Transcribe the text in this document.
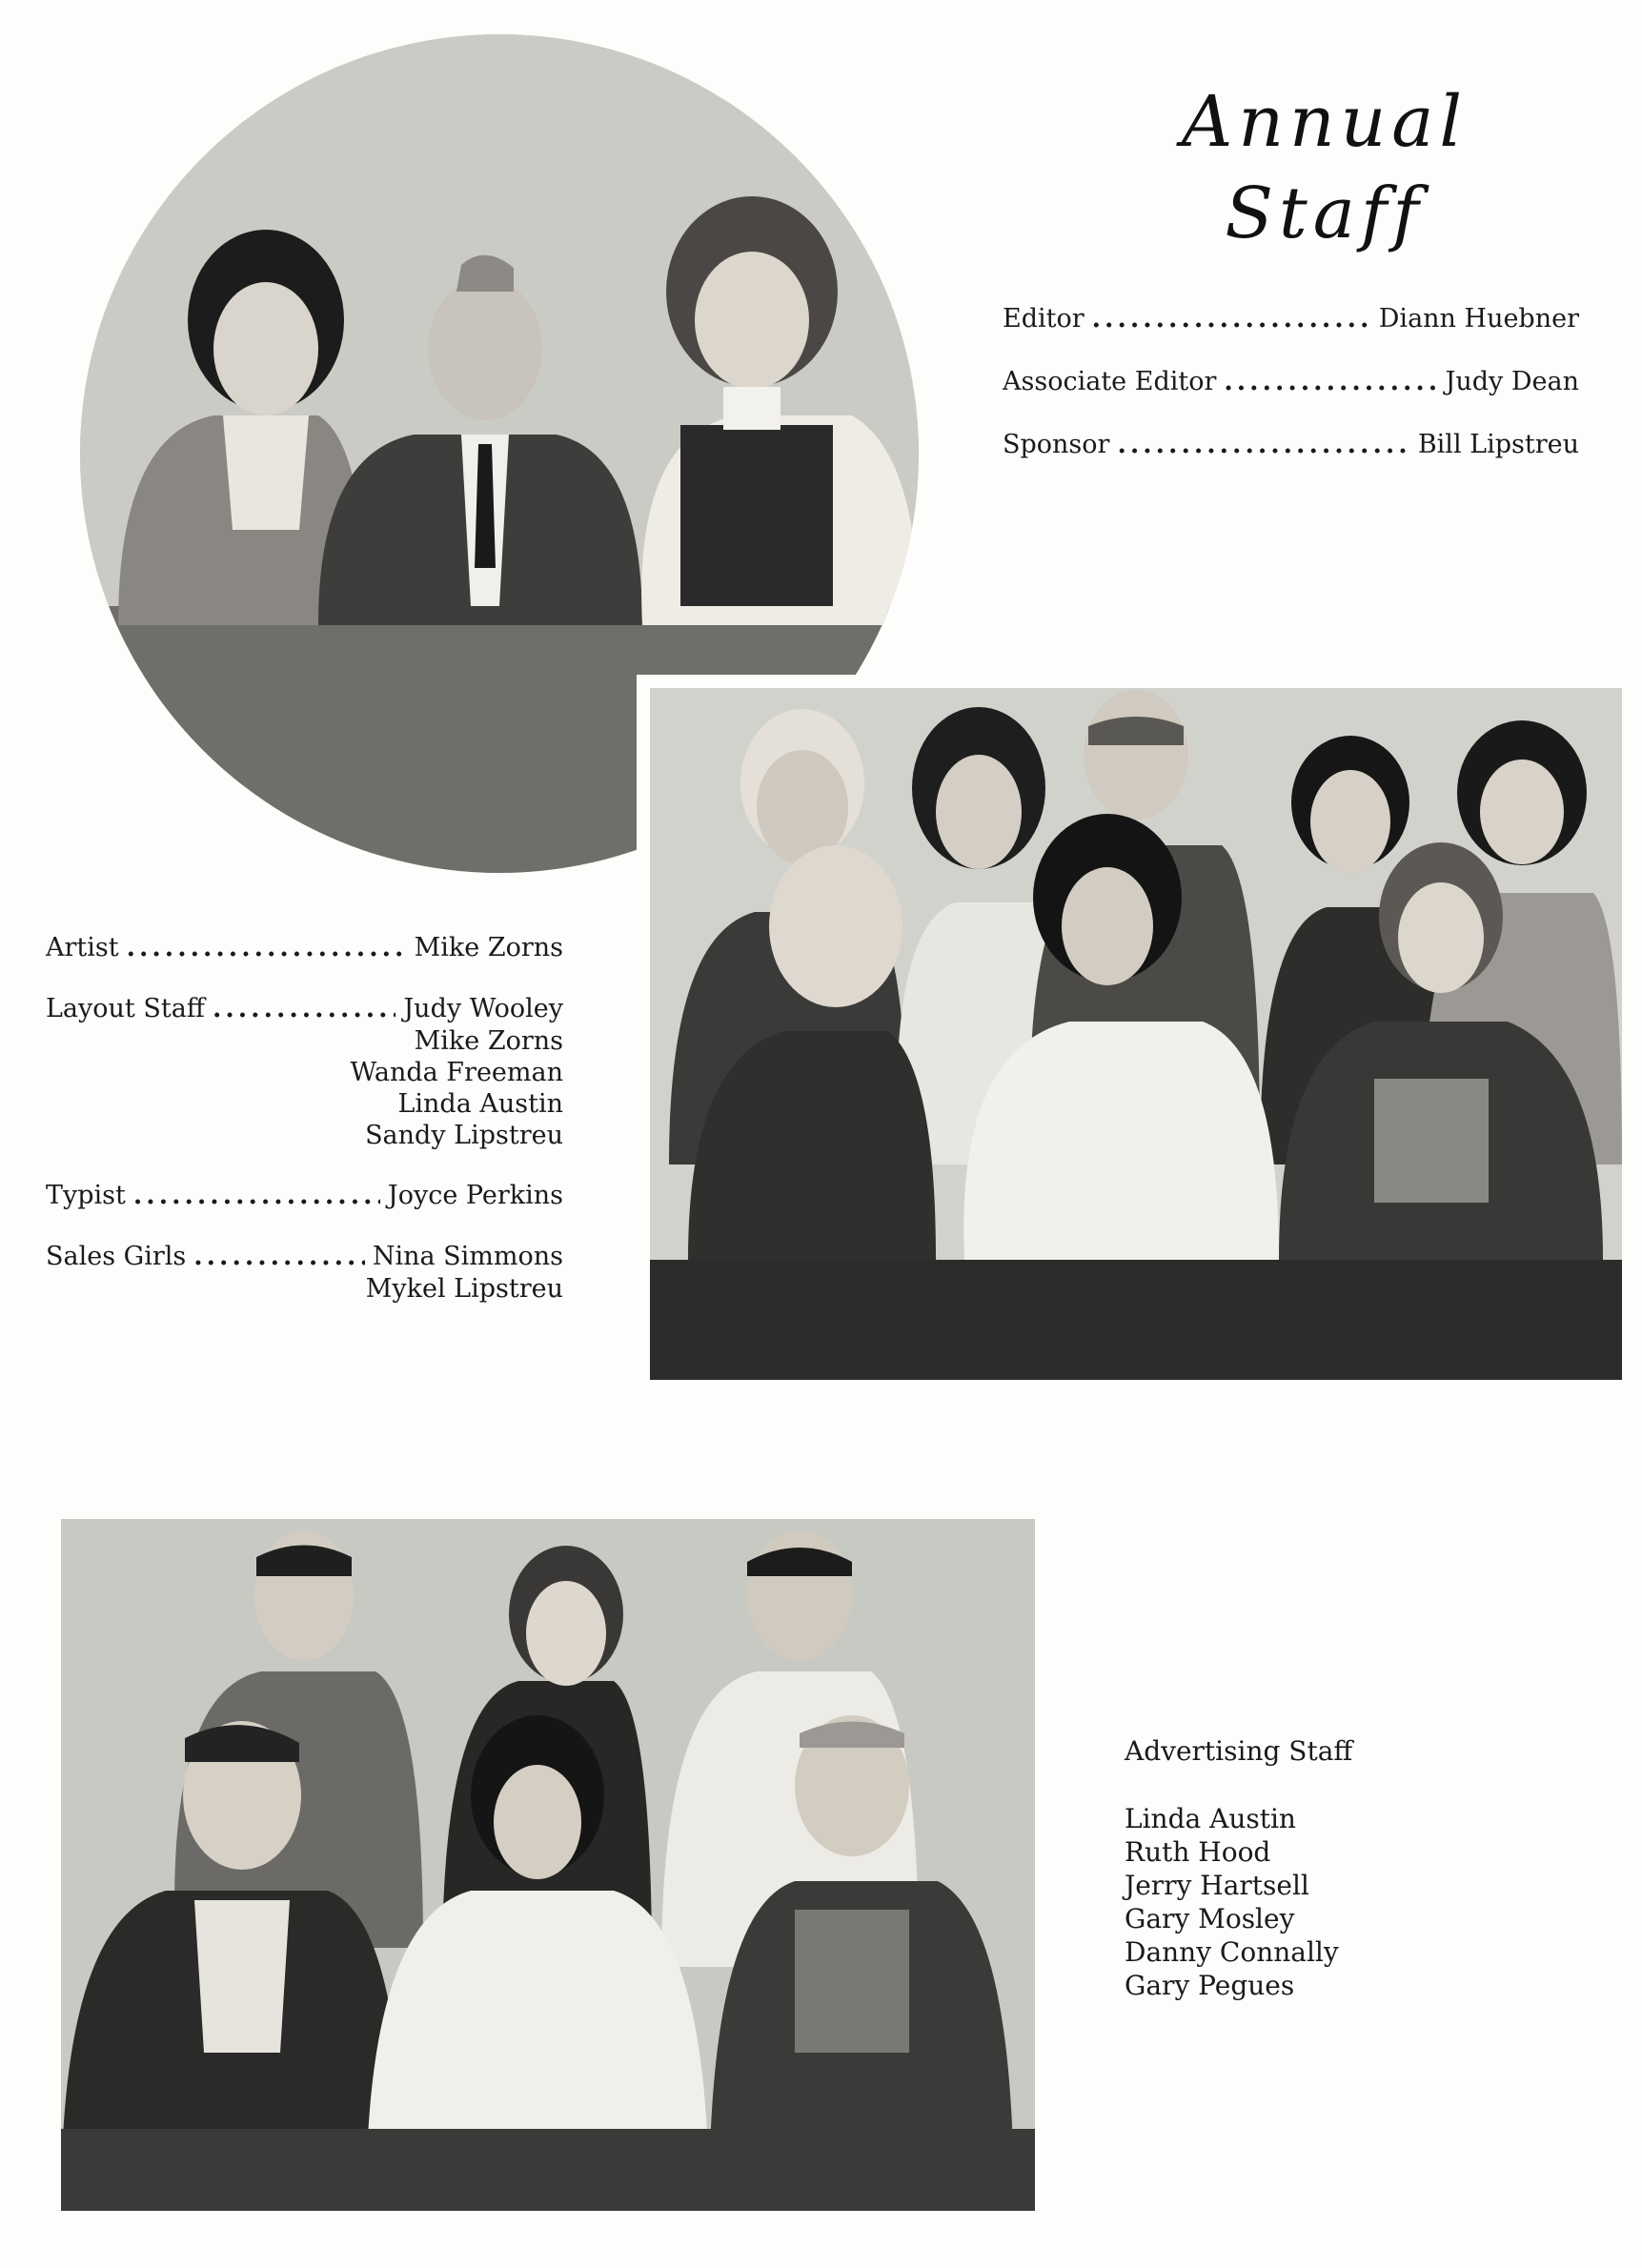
Annual
Staff
Editor .....	Diann Huebner
Associate Editor .....	Judy Dean
Sponsor .....	Bill Lipstreu
Artist .....	Mike Zorns
Layout Staff .....	Judy Wooley
Mike Zorns
Wanda Freeman
Linda Austin
Sandy Lipstreu
Typist .....	Joyce Perkins
Sales Girls .....	Nina Simmons
Mykel Lipstreu
Advertising Staff
Linda Austin
Ruth Hood
Jerry Hartsell
Gary Mosley
Danny Connally
Gary Pegues
